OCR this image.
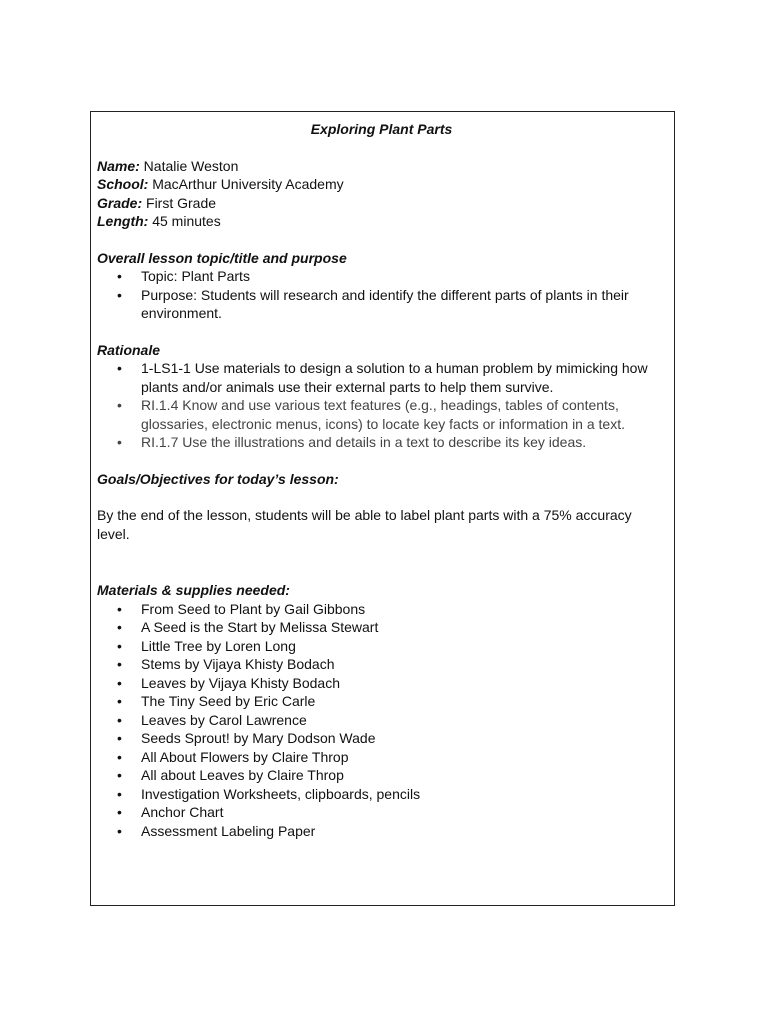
Exploring Plant Parts

Name: Natalie Weston

School: MacArthur University Academy

Grade: First Grade

Length: 45 minutes

Overall lesson topic/title and purpose

• Topic: Plant Parts
• Purpose: Students will research and identify the different parts of plants in their environment.

Rationale

• 1-LS1-1 Use materials to design a solution to a human problem by mimicking how plants and/or animals use their external parts to help them survive.
• RI.1.4 Know and use various text features (e.g., headings, tables of contents, glossaries, electronic menus, icons) to locate key facts or information in a text.
• RI.1.7 Use the illustrations and details in a text to describe its key ideas.

Goals/Objectives for today’s lesson:

By the end of the lesson, students will be able to label plant parts with a 75% accuracy level.

Materials & supplies needed:

• From Seed to Plant by Gail Gibbons
• A Seed is the Start by Melissa Stewart
• Little Tree by Loren Long
• Stems by Vijaya Khisty Bodach
• Leaves by Vijaya Khisty Bodach
• The Tiny Seed by Eric Carle
• Leaves by Carol Lawrence
• Seeds Sprout! by Mary Dodson Wade
• All About Flowers by Claire Throp
• All about Leaves by Claire Throp
• Investigation Worksheets, clipboards, pencils
• Anchor Chart
• Assessment Labeling Paper
